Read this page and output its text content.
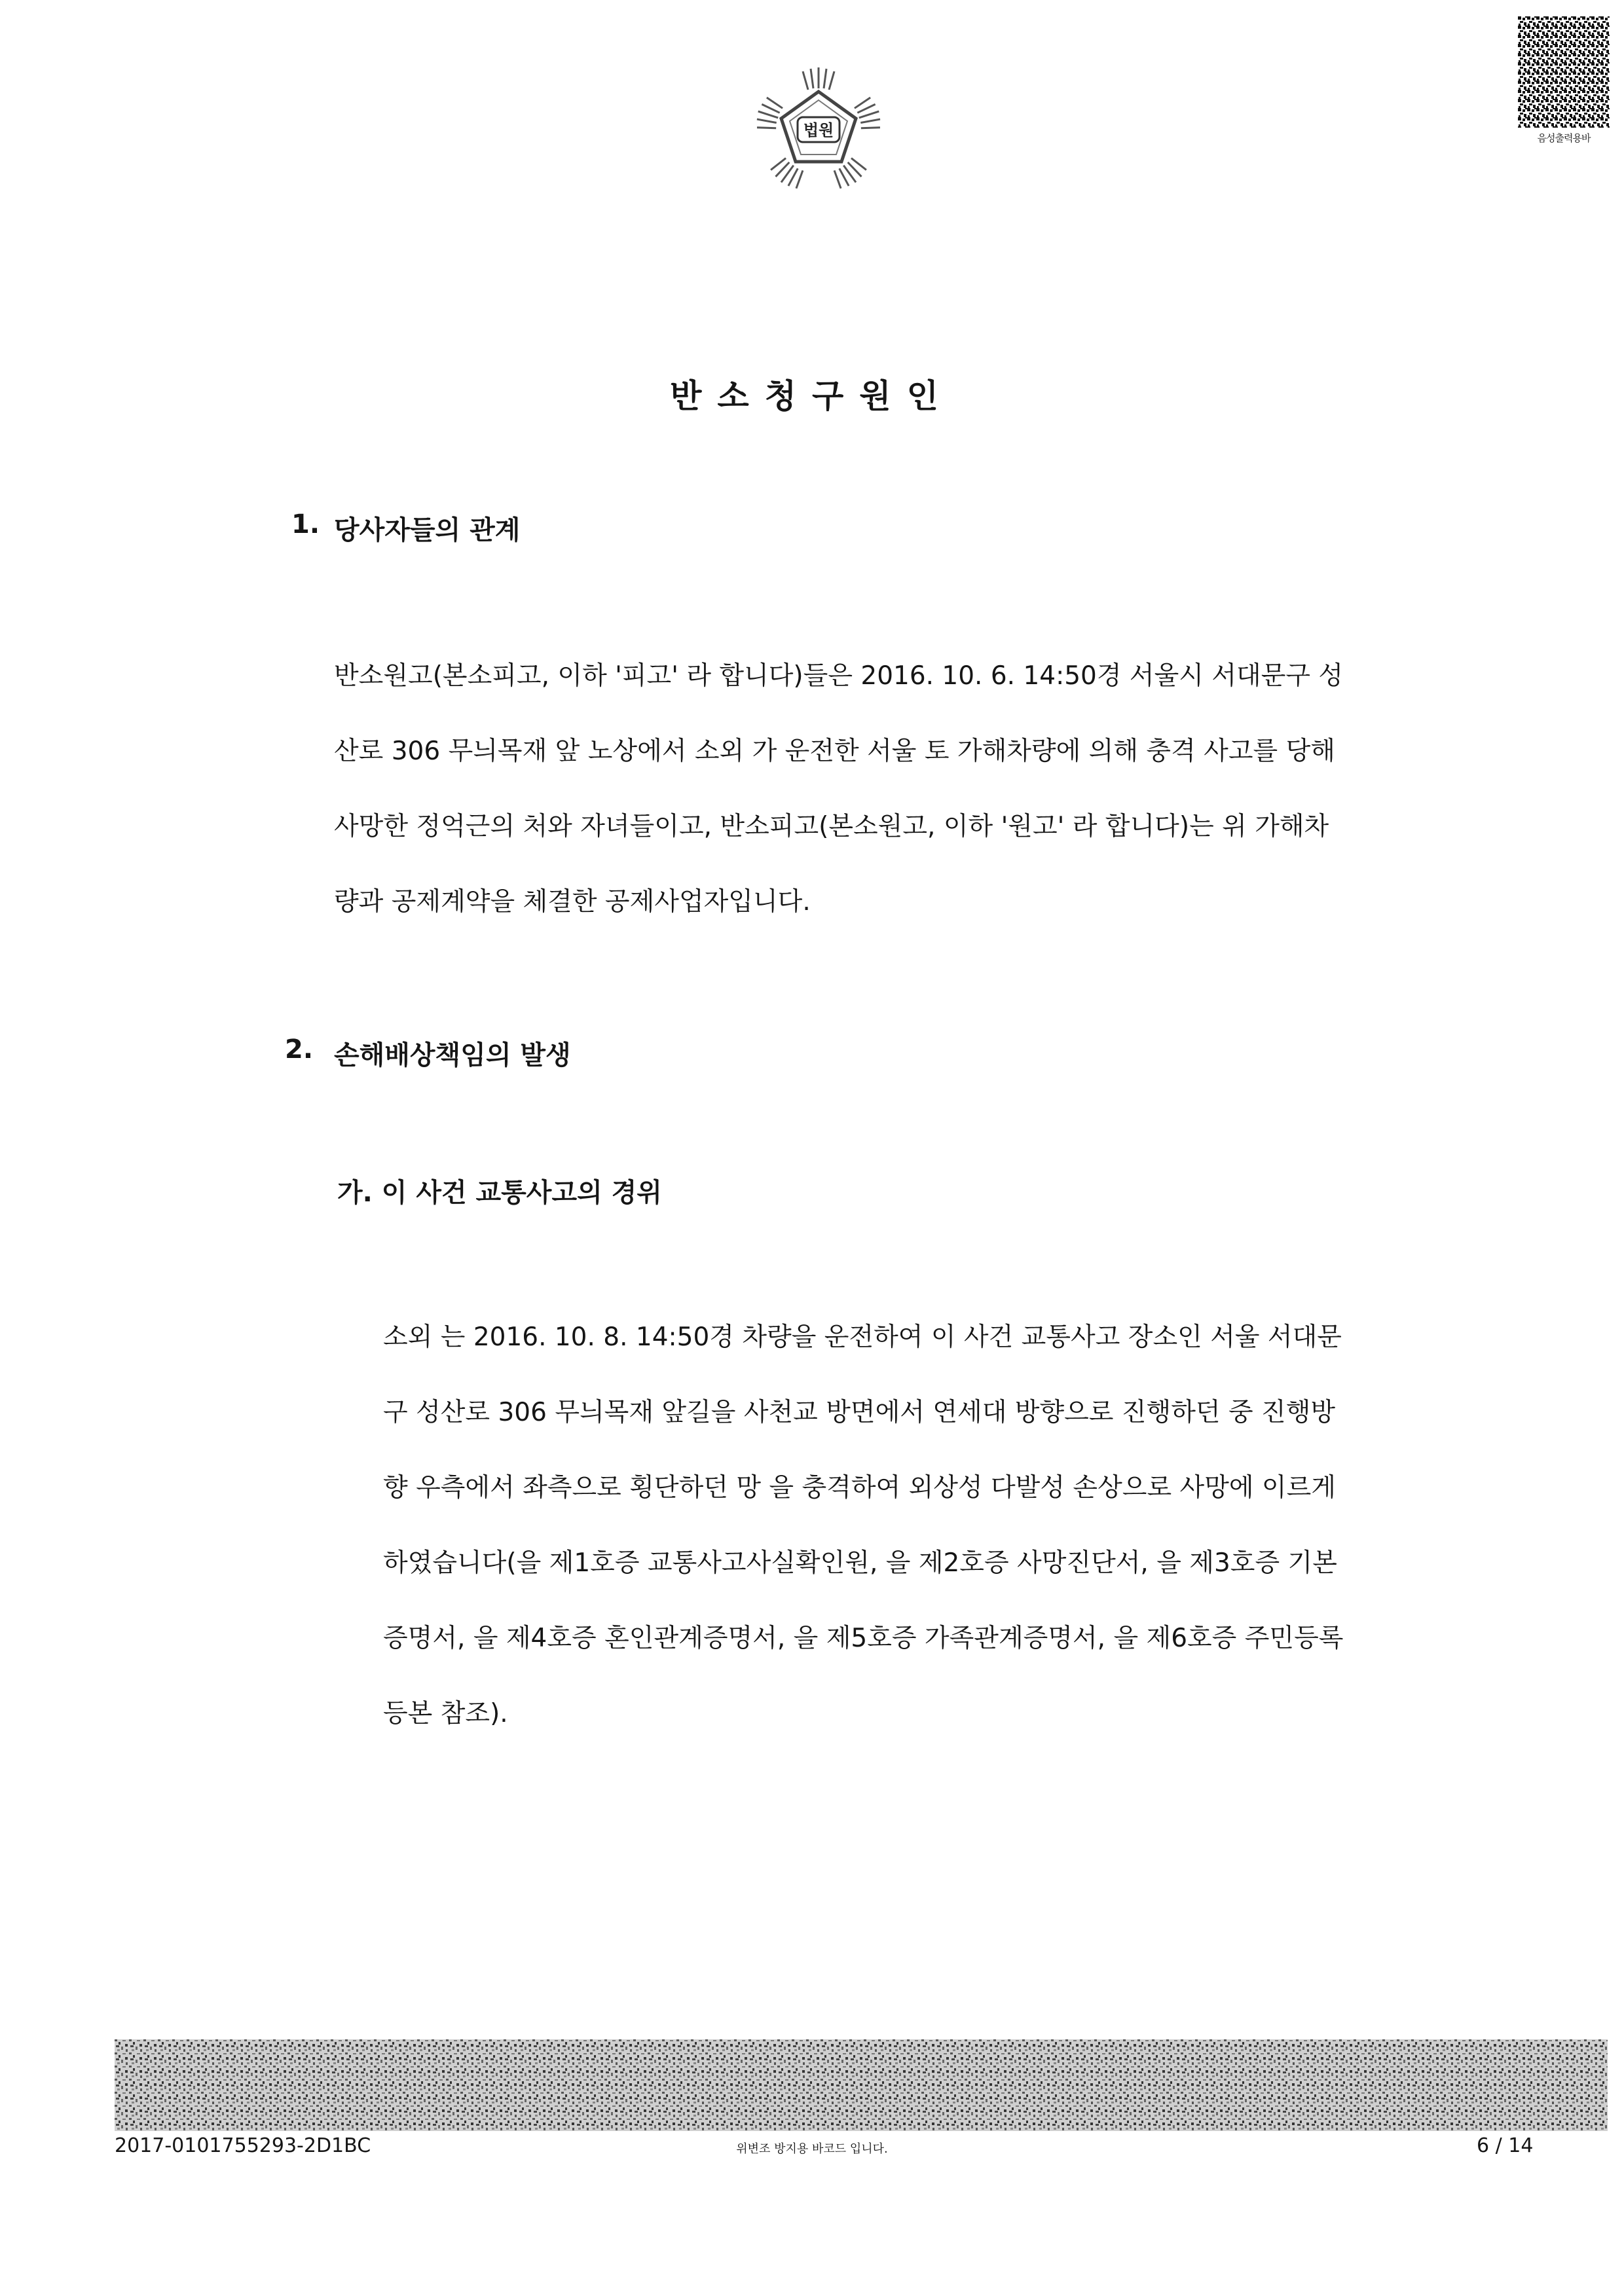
법원	음성출력용바
반소청구원인
1. 당사자들의 관계
반소원고(본소피고, 이하 '피고' 라 합니다)들은 2016. 10. 6. 14:50경 서울시 서대문구 성산로 306 무늬목재 앞 노상에서 소외 가 운전한 서울 토 가해차량에 의해 충격 사고를 당해 사망한 정억근의 처와 자녀들이고, 반소피고(본소원고, 이하 '원고' 라 합니다)는 위 가해차량과 공제계약을 체결한 공제사업자입니다.
2. 손해배상책임의 발생
가. 이 사건 교통사고의 경위
소외 는 2016. 10. 8. 14:50경 차량을 운전하여 이 사건 교통사고 장소인 서울 서대문구 성산로 306 무늬목재 앞길을 사천교 방면에서 연세대 방향으로 진행하던 중 진행방향 우측에서 좌측으로 횡단하던 망 을 충격하여 외상성 다발성 손상으로 사망에 이르게 하였습니다(을 제1호증 교통사고사실확인원, 을 제2호증 사망진단서, 을 제3호증 기본증명서, 을 제4호증 혼인관계증명서, 을 제5호증 가족관계증명서, 을 제6호증 주민등록등본 참조).
2017-0101755293-2D1BC	위변조 방지용 바코드 입니다.	6 / 14
